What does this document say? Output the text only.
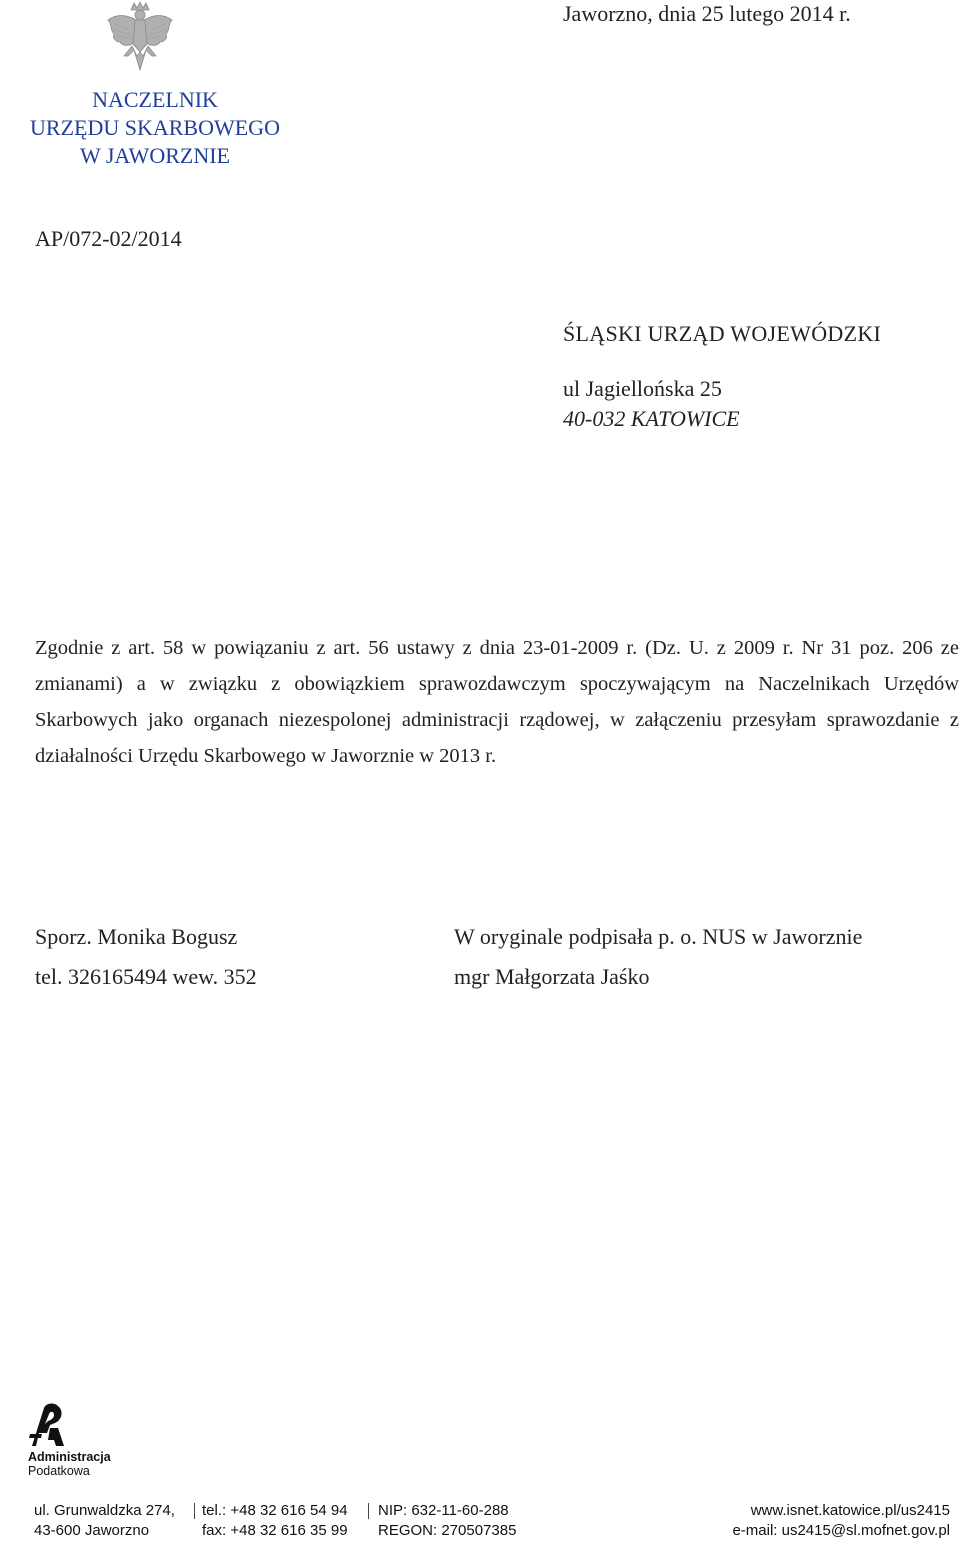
NACZELNIK
URZĘDU SKARBOWEGO
W JAWORZNIE
Jaworzno, dnia 25 lutego 2014 r.
AP/072-02/2014
ŚLĄSKI URZĄD WOJEWÓDZKI
ul Jagiellońska 25
40-032 KATOWICE
Zgodnie z art. 58 w powiązaniu z art. 56 ustawy z dnia 23-01-2009 r. (Dz. U. z 2009 r. Nr 31 poz. 206 ze zmianami) a w związku z obowiązkiem sprawozdawczym spoczywającym na Naczelnikach Urzędów Skarbowych jako organach niezespolonej administracji rządowej, w załączeniu przesyłam sprawozdanie z działalności Urzędu Skarbowego w Jaworznie w 2013 r.
Sporz. Monika Bogusz
tel. 326165494 wew. 352
W oryginale podpisała p. o. NUS w Jaworznie
mgr Małgorzata Jaśko
Administracja
Podatkowa
ul. Grunwaldzka 274, tel.: +48 32 616 54 94 NIP: 632-11-60-288	www.isnet.katowice.pl/us2415
43-600 Jaworzno	fax: +48 32 616 35 99 REGON: 270507385	e-mail: us2415@sl.mofnet.gov.pl
